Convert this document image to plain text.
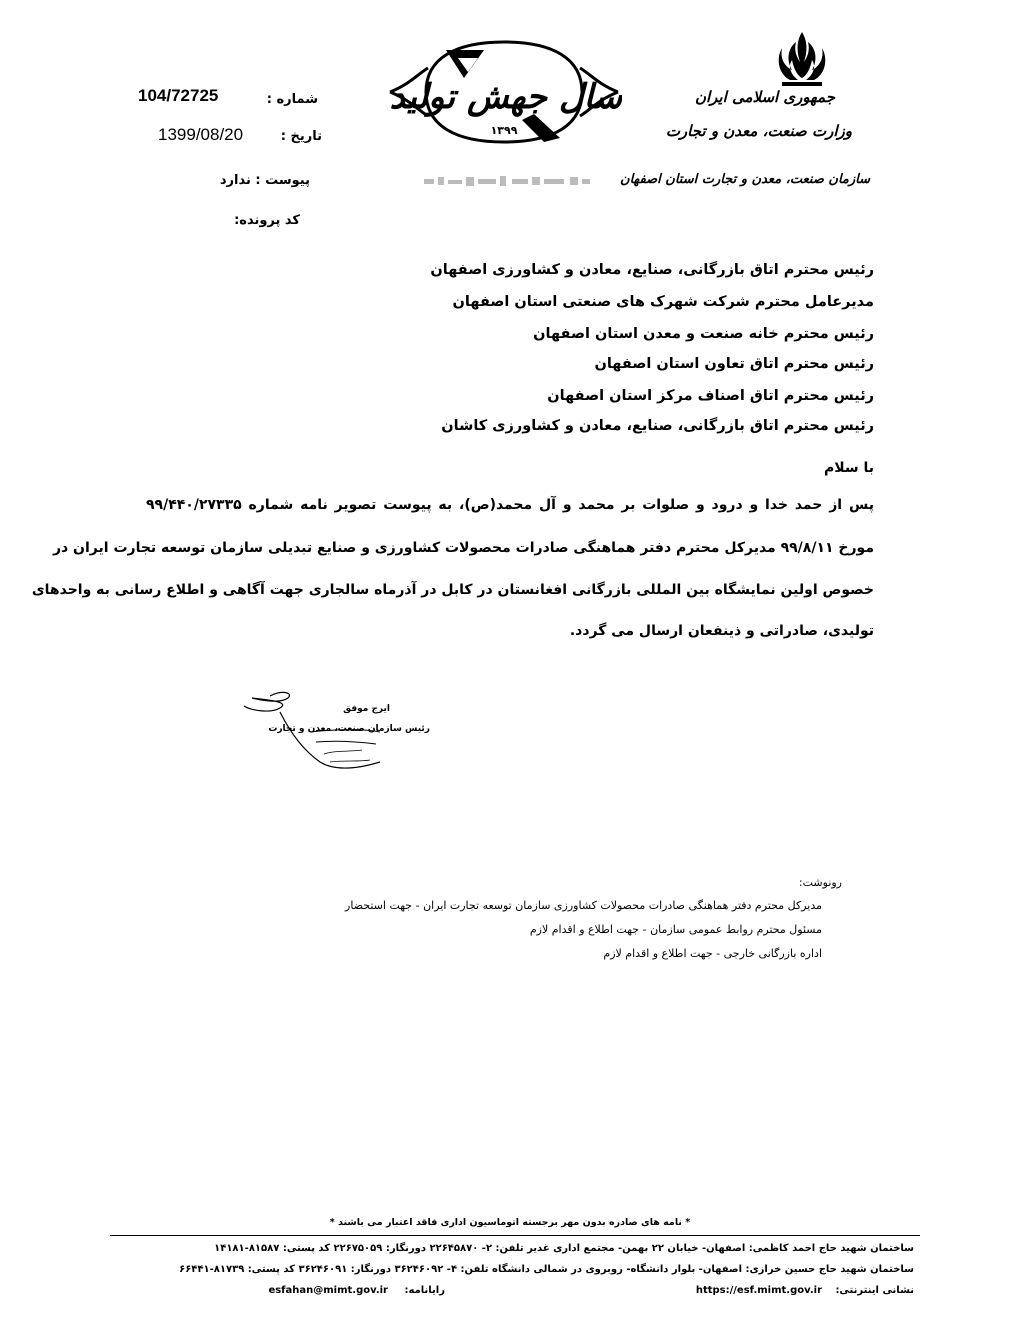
جمهوری اسلامی ایران
وزارت صنعت، معدن و تجارت
سازمان صنعت، معدن و تجارت استان اصفهان
سال جهش تولید
۱۳۹۹
شماره :
104/72725
تاریخ :
1399/08/20
پیوست : ندارد
کد پرونده:
رئیس محترم اتاق بازرگانی، صنایع، معادن و کشاورزی اصفهان
مدیرعامل محترم شرکت شهرک های صنعتی استان اصفهان
رئیس محترم خانه صنعت و معدن استان اصفهان
رئیس محترم اتاق تعاون استان اصفهان
رئیس محترم اتاق اصناف مرکز استان اصفهان
رئیس محترم اتاق بازرگانی، صنایع، معادن و کشاورزی کاشان
با سلام
پس از حمد خدا و درود و صلوات بر محمد و آل محمد(ص)، به پیوست تصویر نامه شماره ۹۹/۴۴۰/۲۷۳۳۵
مورخ ۹۹/۸/۱۱ مدیرکل محترم دفتر هماهنگی صادرات محصولات کشاورزی و صنایع تبدیلی سازمان توسعه تجارت ایران در
خصوص اولین نمایشگاه بین المللی بازرگانی افغانستان در کابل در آذرماه سالجاری جهت آگاهی و اطلاع رسانی به واحدهای
تولیدی، صادراتی و ذینفعان ارسال می گردد.
ایرج موفق
رئیس سازمان صنعت، معدن و تجارت
رونوشت:
مدیرکل محترم دفتر هماهنگی صادرات محصولات کشاورزی سازمان توسعه تجارت ایران - جهت استحضار
مسئول محترم روابط عمومی سازمان - جهت اطلاع و اقدام لازم
اداره بازرگانی خارجی - جهت اطلاع و اقدام لازم
* نامه های صادره بدون مهر برجسته اتوماسیون اداری فاقد اعتبار می باشند *
ساختمان شهید حاج احمد کاظمی: اصفهان- خیابان ۲۲ بهمن- مجتمع اداری غدیر تلفن: ۲- ۲۲۶۴۵۸۷۰ دورنگار: ۲۲۶۷۵۰۵۹ کد پستی: ۸۱۵۸۷-۱۴۱۸۱
ساختمان شهید حاج حسین خرازی: اصفهان- بلوار دانشگاه- روبروی در شمالی دانشگاه تلفن: ۴- ۳۶۲۴۶۰۹۲ دورنگار: ۳۶۲۴۶۰۹۱ کد پستی: ۸۱۷۳۹-۶۶۴۴۱
نشانی اینترنتی:
https://esf.mimt.gov.ir
رایانامه:
esfahan@mimt.gov.ir
